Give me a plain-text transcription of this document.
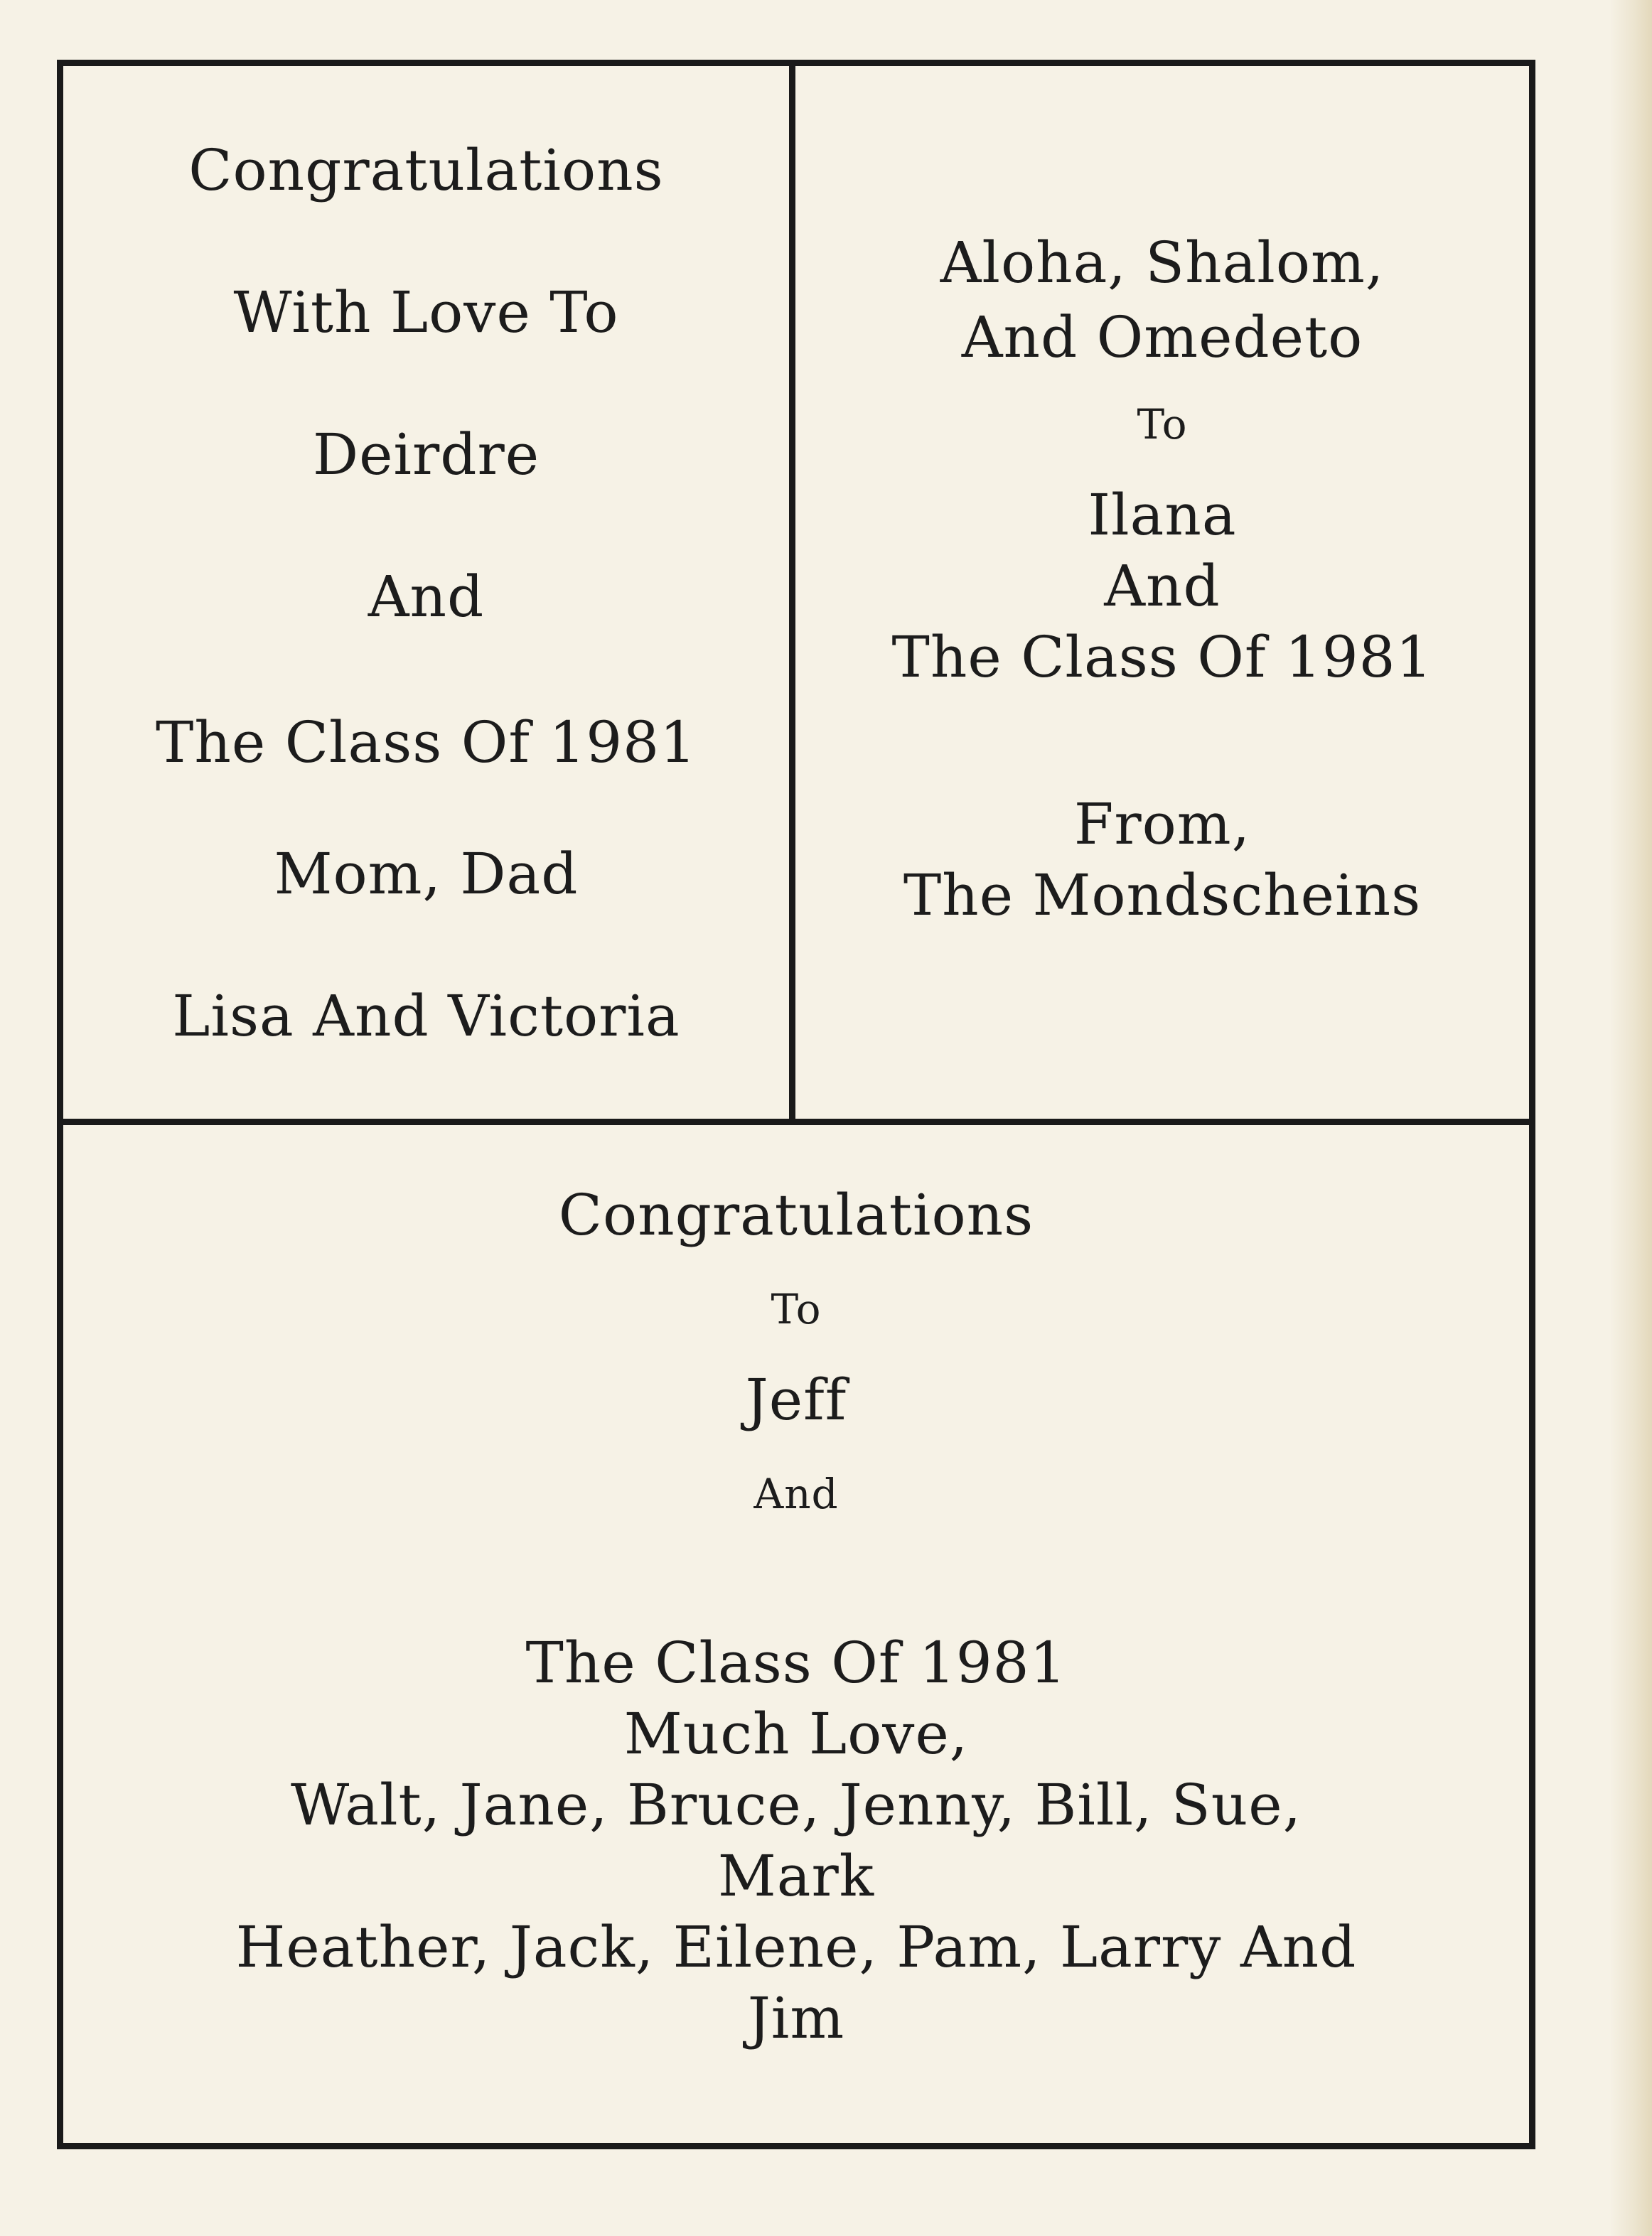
Congratulations
With Love To
Deirdre
And
The Class Of 1981
Mom, Dad
Lisa And Victoria
Aloha, Shalom,
And Omedeto
To
Ilana
And
The Class Of 1981
From,
The Mondscheins
Congratulations
To
Jeff
And
The Class Of 1981
Much Love,
Walt, Jane, Bruce, Jenny, Bill, Sue,
Mark
Heather, Jack, Eilene, Pam, Larry And
Jim
